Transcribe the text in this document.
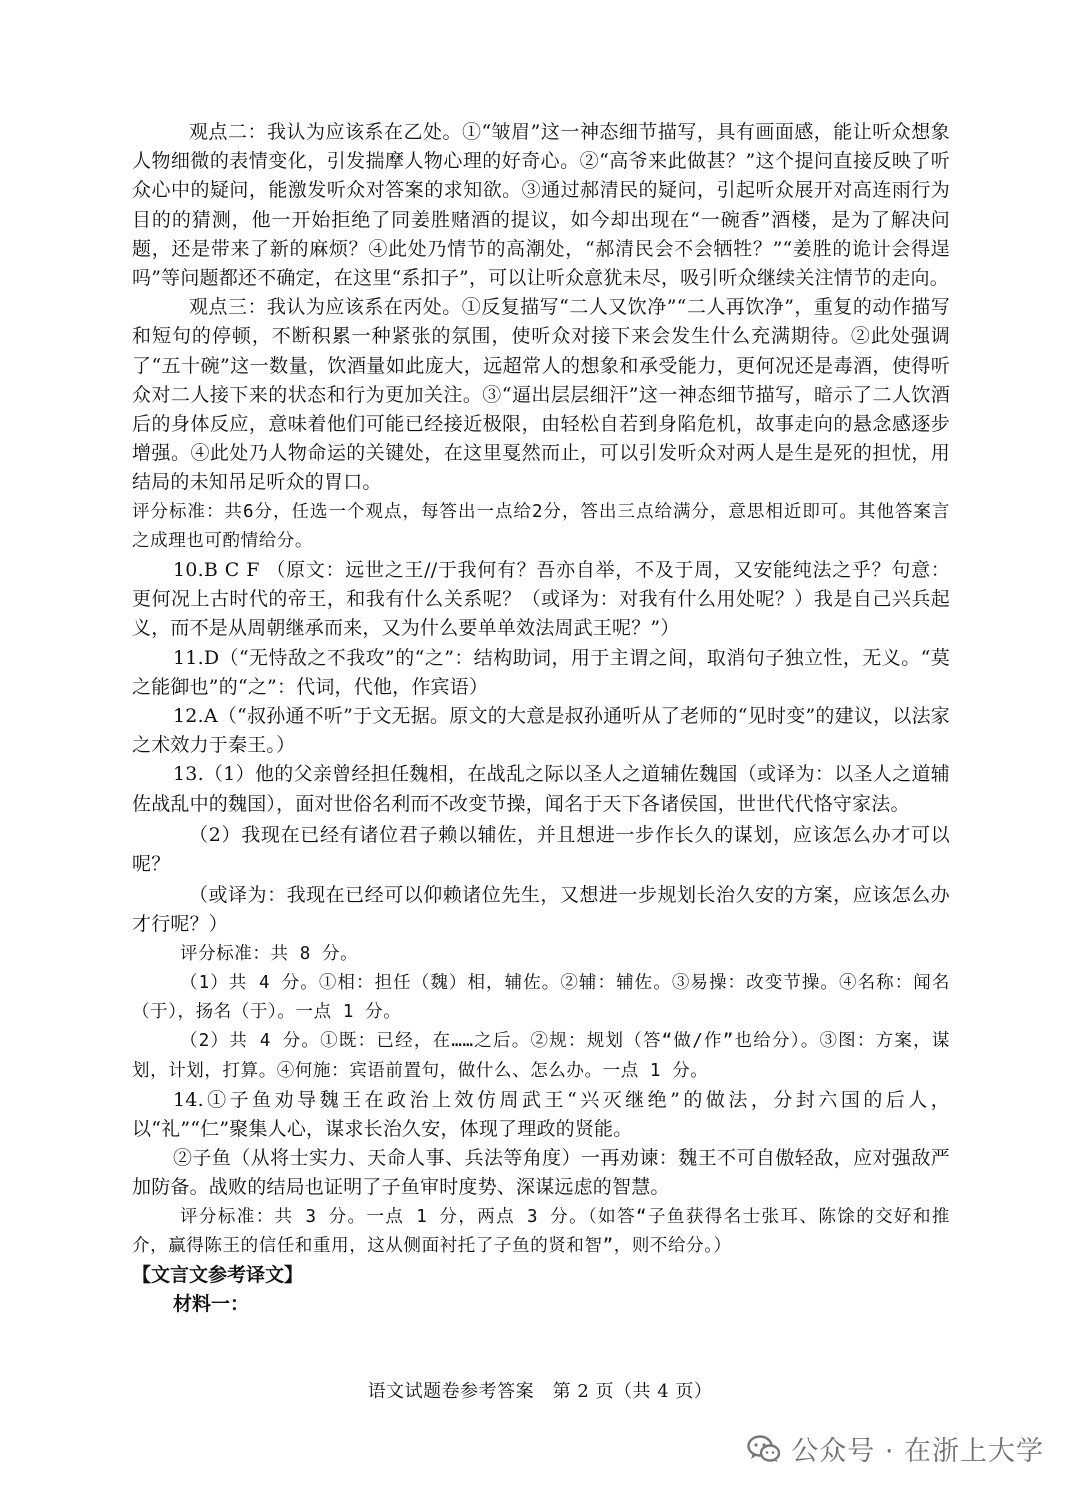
观点二：我认为应该系在乙处。①“皱眉”这一神态细节描写，具有画面感，能让听众想象人物细微的表情变化，引发揣摩人物心理的好奇心。②“高爷来此做甚？”这个提问直接反映了听众心中的疑问，能激发听众对答案的求知欲。③通过郝清民的疑问，引起听众展开对高连雨行为目的的猜测，他一开始拒绝了同姜胜赌酒的提议，如今却出现在“一碗香”酒楼，是为了解决问题，还是带来了新的麻烦？④此处乃情节的高潮处，“郝清民会不会牺牲？”“姜胜的诡计会得逞吗”等问题都还不确定，在这里“系扣子”，可以让听众意犹未尽，吸引听众继续关注情节的走向。

观点三：我认为应该系在丙处。①反复描写“二人又饮净”“二人再饮净”，重复的动作描写和短句的停顿，不断积累一种紧张的氛围，使听众对接下来会发生什么充满期待。②此处强调了“五十碗”这一数量，饮酒量如此庞大，远超常人的想象和承受能力，更何况还是毒酒，使得听众对二人接下来的状态和行为更加关注。③“逼出层层细汗”这一神态细节描写，暗示了二人饮酒后的身体反应，意味着他们可能已经接近极限，由轻松自若到身陷危机，故事走向的悬念感逐步增强。④此处乃人物命运的关键处，在这里戛然而止，可以引发听众对两人是生是死的担忧，用结局的未知吊足听众的胃口。

评分标准：共6分，任选一个观点，每答出一点给2分，答出三点给满分，意思相近即可。其他答案言之成理也可酌情给分。

10.B C F （原文：远世之王//于我何有？吾亦自举，不及于周，又安能纯法之乎？句意：更何况上古时代的帝王，和我有什么关系呢？（或译为：对我有什么用处呢？）我是自己兴兵起义，而不是从周朝继承而来，又为什么要单单效法周武王呢？”）

11.D（“无恃敌之不我攻”的“之”：结构助词，用于主谓之间，取消句子独立性，无义。“莫之能御也”的“之”：代词，代他，作宾语）

12.A（“叔孙通不听”于文无据。原文的大意是叔孙通听从了老师的“见时变”的建议，以法家之术效力于秦王。）

13.（1）他的父亲曾经担任魏相，在战乱之际以圣人之道辅佐魏国（或译为：以圣人之道辅佐战乱中的魏国），面对世俗名利而不改变节操，闻名于天下各诸侯国，世世代代恪守家法。

（2）我现在已经有诸位君子赖以辅佐，并且想进一步作长久的谋划，应该怎么办才可以呢？

（或译为：我现在已经可以仰赖诸位先生，又想进一步规划长治久安的方案，应该怎么办才行呢？）

评分标准：共 8 分。

（1）共 4 分。①相：担任（魏）相，辅佐。②辅：辅佐。③易操：改变节操。④名称：闻名（于），扬名（于）。一点 1 分。

（2）共 4 分。①既：已经，在……之后。②规：规划（答“做/作”也给分）。③图：方案，谋划，计划，打算。④何施：宾语前置句，做什么、怎么办。一点 1 分。

14.①子鱼劝导魏王在政治上效仿周武王“兴灭继绝”的做法，分封六国的后人，以“礼”“仁”聚集人心，谋求长治久安，体现了理政的贤能。

②子鱼（从将士实力、天命人事、兵法等角度）一再劝谏：魏王不可自傲轻敌，应对强敌严加防备。战败的结局也证明了子鱼审时度势、深谋远虑的智慧。

评分标准：共 3 分。一点 1 分，两点 3 分。（如答“子鱼获得名士张耳、陈馀的交好和推介，赢得陈王的信任和重用，这从侧面衬托了子鱼的贤和智”，则不给分。）

【文言文参考译文】

材料一：

语文试题卷参考答案　第 2 页（共 4 页）
公众号 · 在浙上大学
